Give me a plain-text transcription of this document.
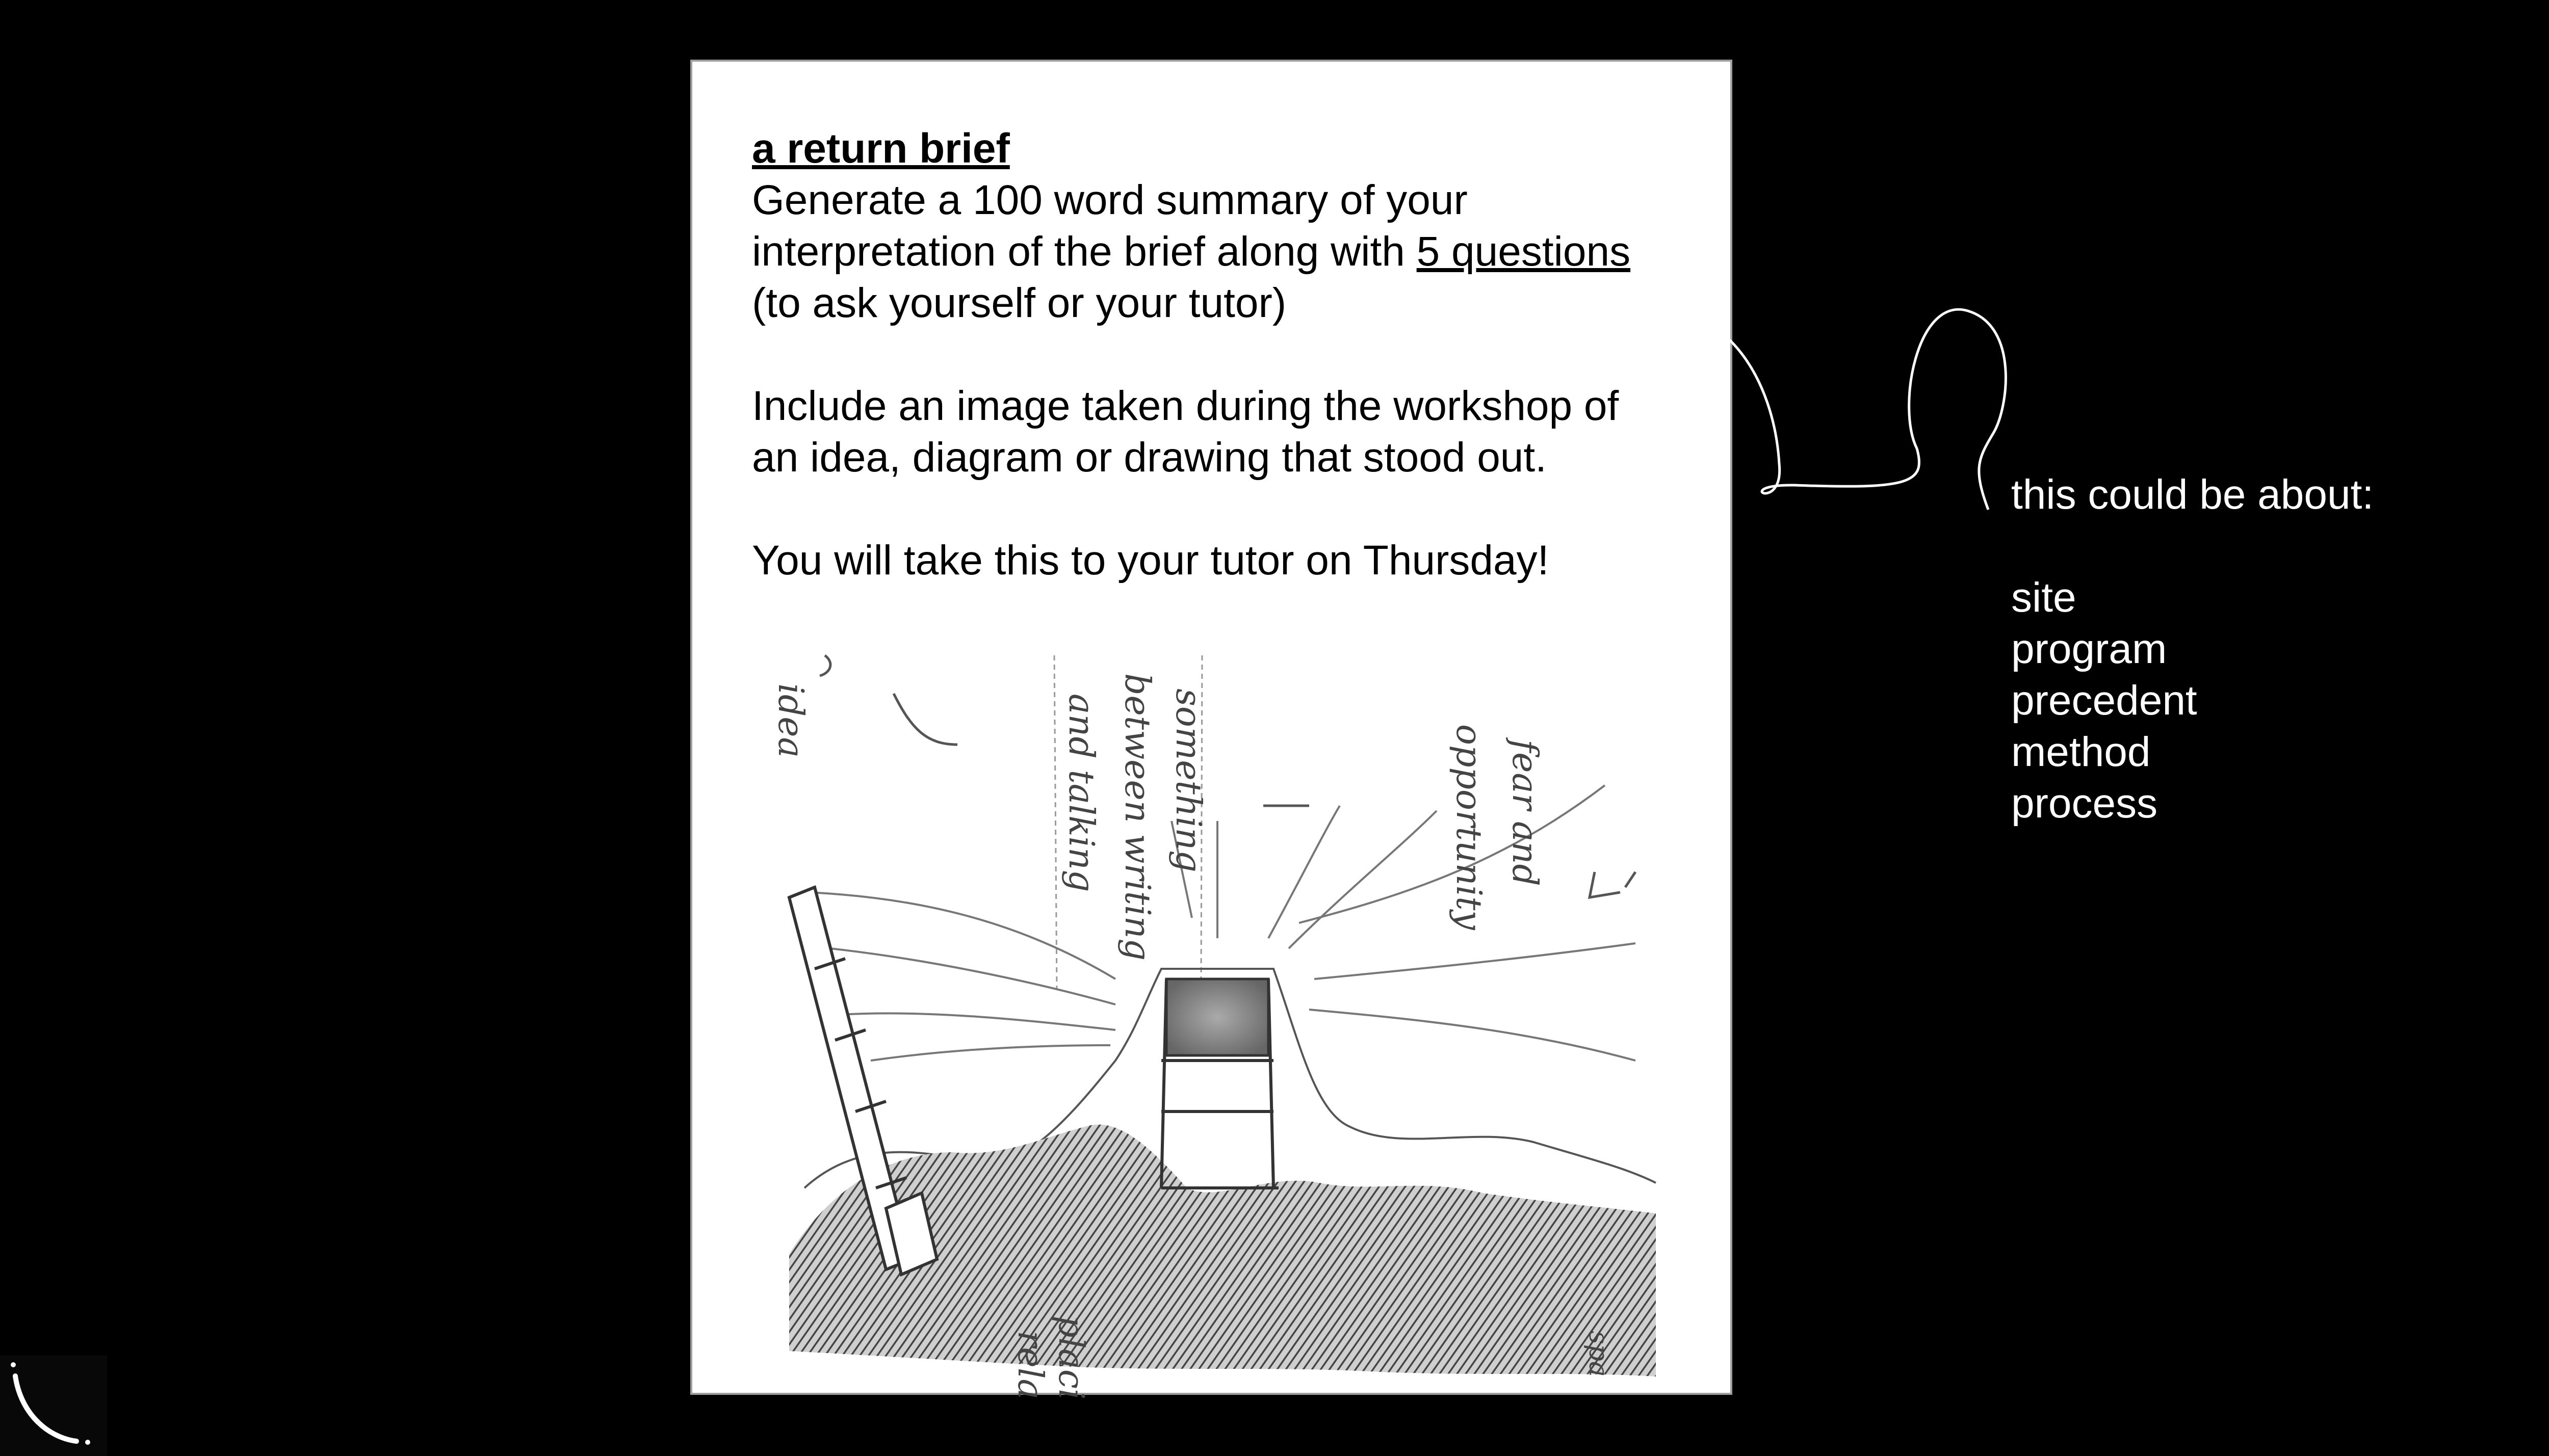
a return brief

Generate a 100 word summary of your

interpretation of the brief along with 5 questions

(to ask yourself or your tutor)

Include an image taken during the workshop of

an idea, diagram or drawing that stood out.

You will take this to your tutor on Thursday!

idea	something
between writing
and talking	fear and
opportunity
placi
rela	spa

this could be about:

site

program

precedent

method

process
